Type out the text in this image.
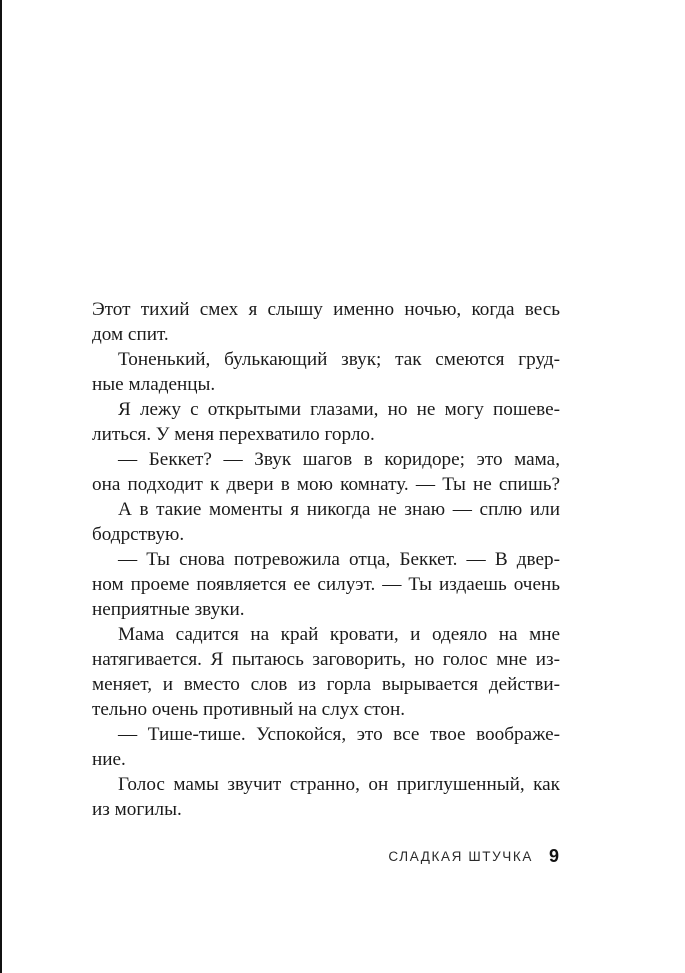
Этот тихий смех я слышу именно ночью, когда весь
дом спит.
Тоненький, булькающий звук; так смеются груд-
ные младенцы.
Я лежу с открытыми глазами, но не могу пошеве-
литься. У меня перехватило горло.
— Беккет? — Звук шагов в коридоре; это мама,
она подходит к двери в мою комнату. — Ты не спишь?
А в такие моменты я никогда не знаю — сплю или
бодрствую.
— Ты снова потревожила отца, Беккет. — В двер-
ном проеме появляется ее силуэт. — Ты издаешь очень
неприятные звуки.
Мама садится на край кровати, и одеяло на мне
натягивается. Я пытаюсь заговорить, но голос мне из-
меняет, и вместо слов из горла вырывается действи-
тельно очень противный на слух стон.
— Тише-тише. Успокойся, это все твое воображе-
ние.
Голос мамы звучит странно, он приглушенный, как
из могилы.
СЛАДКАЯ ШТУЧКА 9
